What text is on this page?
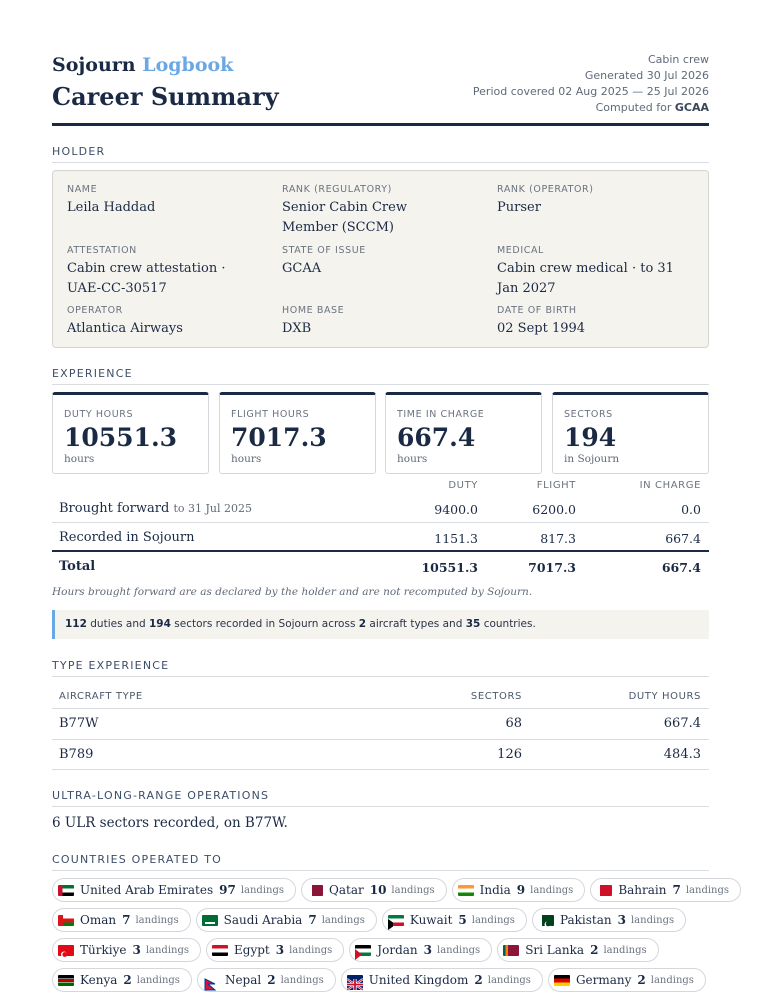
Sojourn Logbook
Career Summary
Cabin crew
Generated 30 Jul 2026
Period covered 02 Aug 2025 — 25 Jul 2026
Computed for GCAA
HOLDER
NAME
Leila Haddad
RANK (REGULATORY)
Senior Cabin Crew Member (SCCM)
RANK (OPERATOR)
Purser
ATTESTATION
Cabin crew attestation · UAE-CC-30517
STATE OF ISSUE
GCAA
MEDICAL
Cabin crew medical · to 31 Jan 2027
OPERATOR
Atlantica Airways
HOME BASE
DXB
DATE OF BIRTH
02 Sept 1994
EXPERIENCE
DUTY HOURS
10551.3
hours
FLIGHT HOURS
7017.3
hours
TIME IN CHARGE
667.4
hours
SECTORS
194
in Sojourn
DUTY	FLIGHT	IN CHARGE
Brought forward to 31 Jul 2025	9400.0	6200.0	0.0
Recorded in Sojourn	1151.3	817.3	667.4
Total	10551.3	7017.3	667.4
Hours brought forward are as declared by the holder and are not recomputed by Sojourn.
112 duties and 194 sectors recorded in Sojourn across 2 aircraft types and 35 countries.
TYPE EXPERIENCE
AIRCRAFT TYPE	SECTORS	DUTY HOURS
B77W	68	667.4
B789	126	484.3
ULTRA-LONG-RANGE OPERATIONS
6 ULR sectors recorded, on B77W.
COUNTRIES OPERATED TO
United Arab Emirates 97 landings	Qatar 10 landings	India 9 landings	Bahrain 7 landings
Oman 7 landings	Saudi Arabia 7 landings	Kuwait 5 landings	Pakistan 3 landings
Türkiye 3 landings	Egypt 3 landings	Jordan 3 landings	Sri Lanka 2 landings
Kenya 2 landings	Nepal 2 landings	United Kingdom 2 landings	Germany 2 landings
